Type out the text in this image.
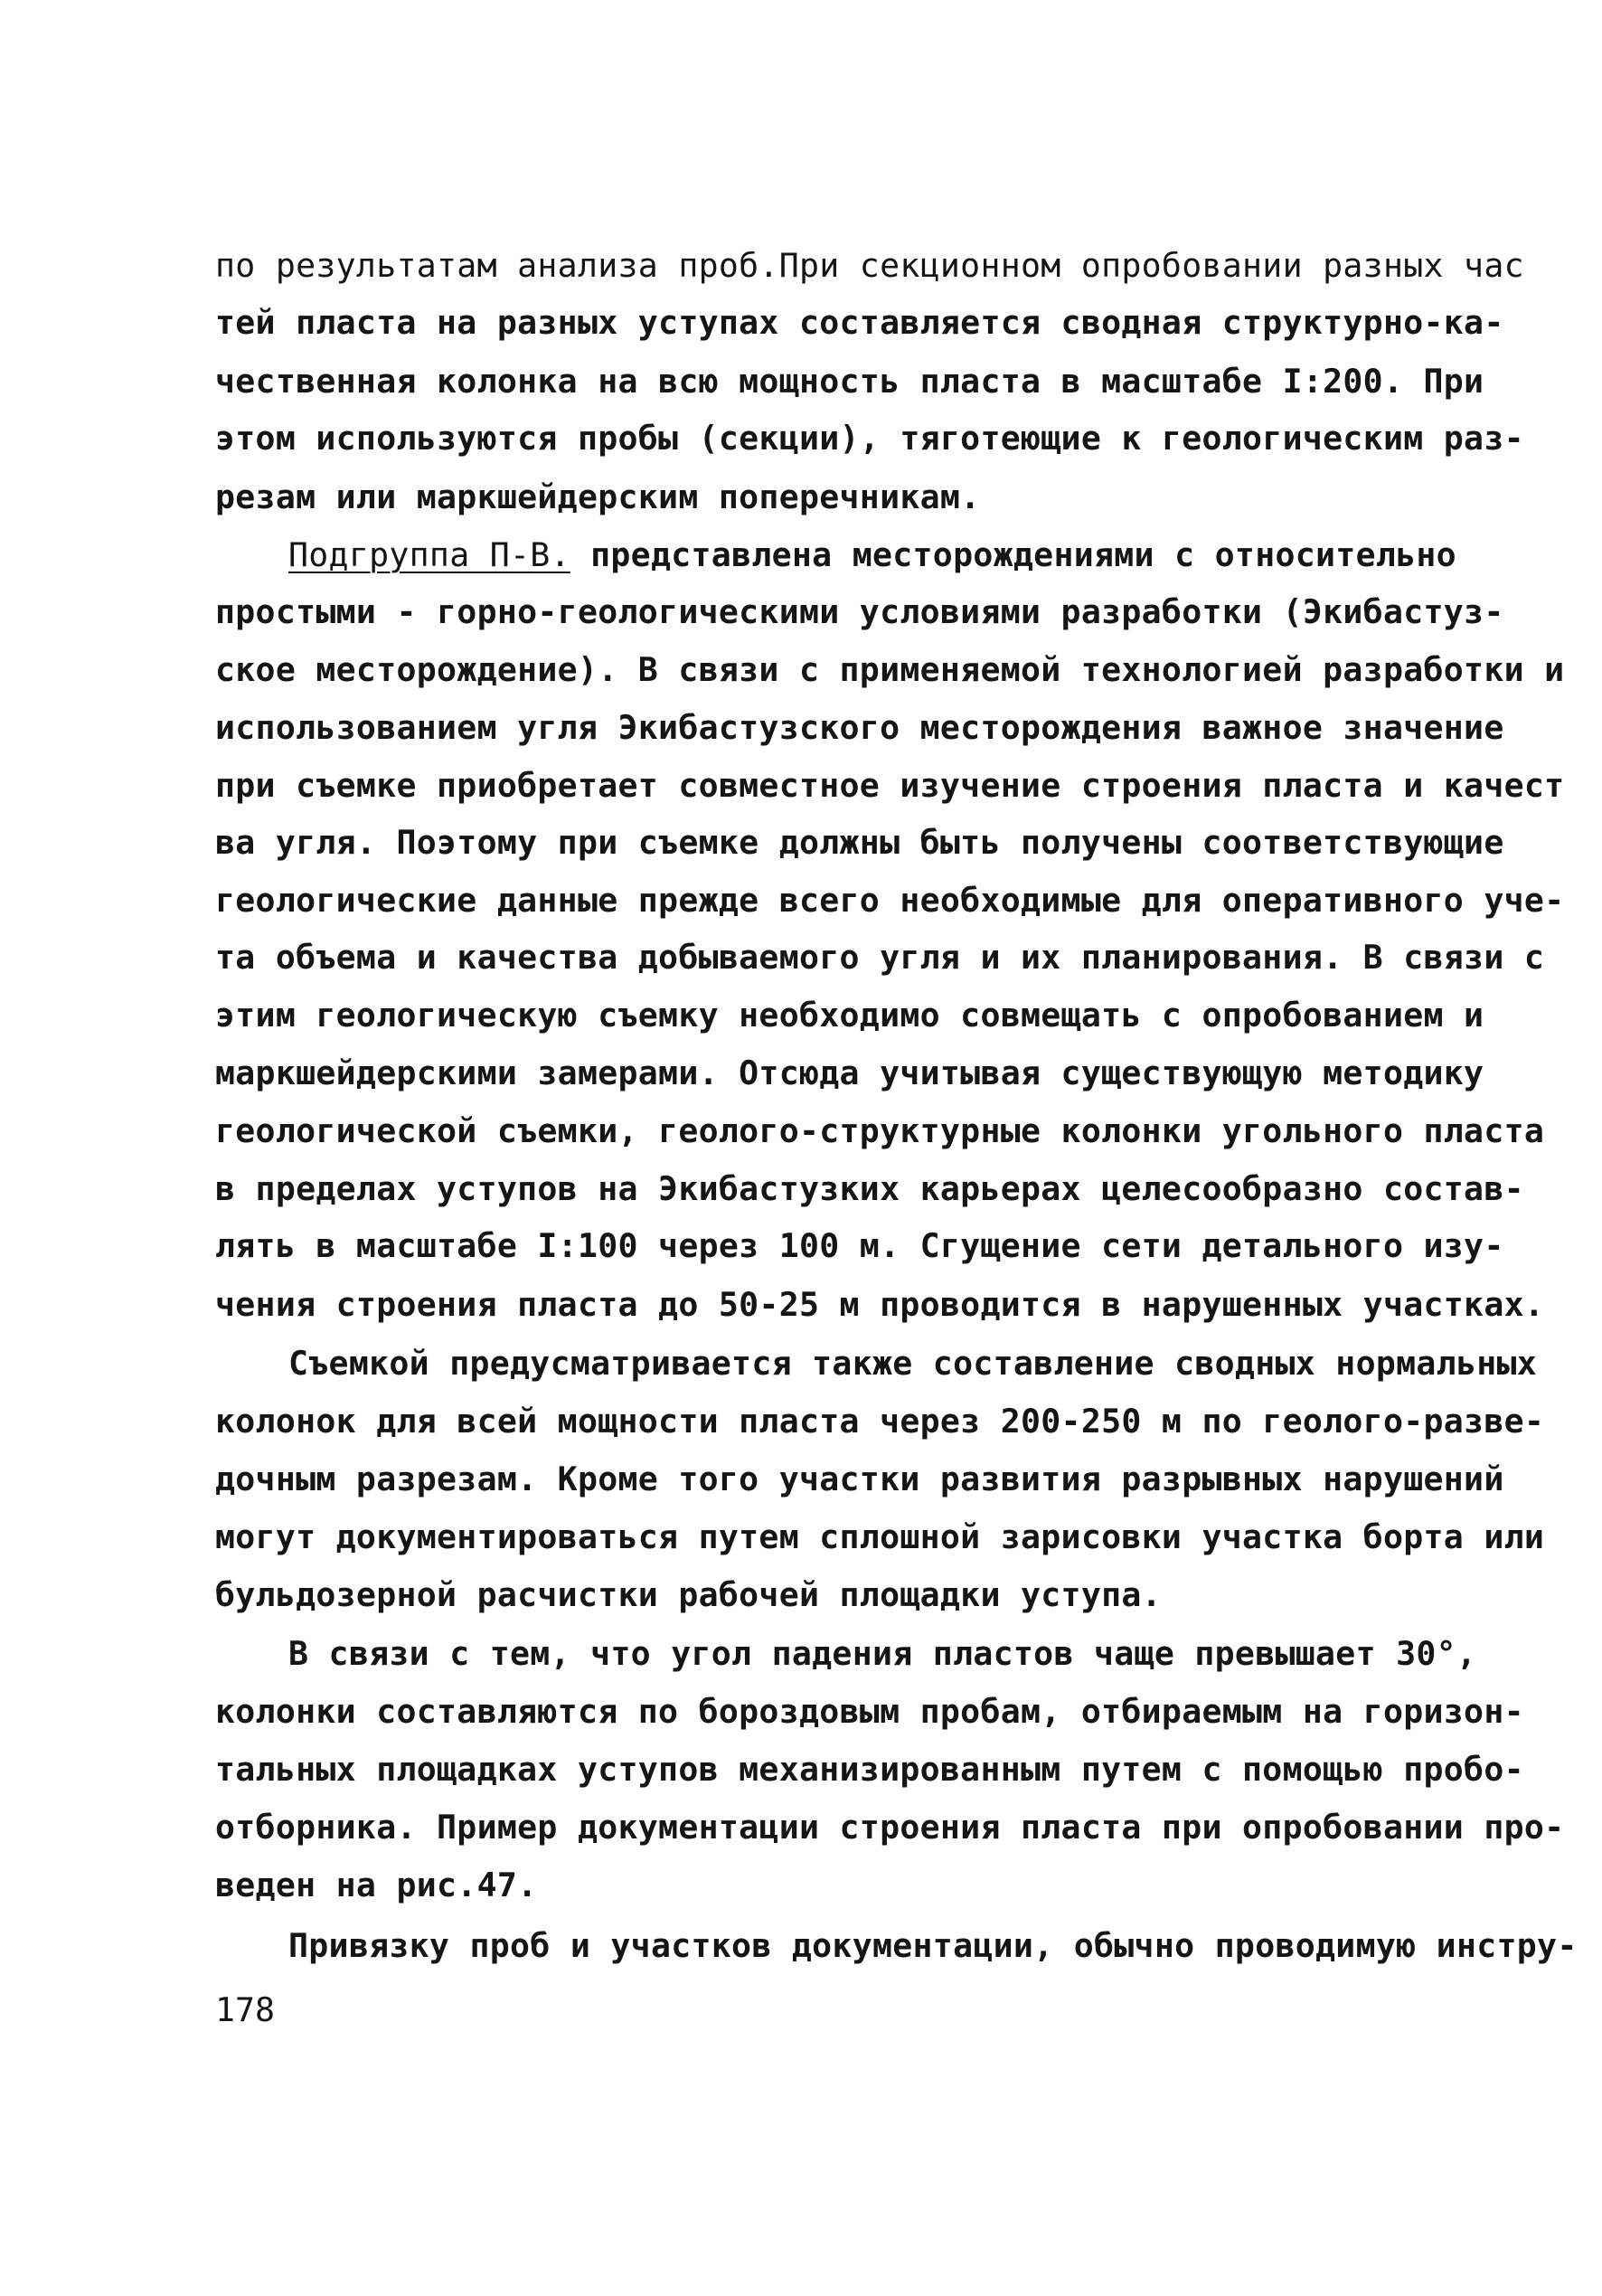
по результатам анализа проб.При секционном опробовании разных час
тей пласта на разных уступах составляется сводная структурно-ка-
чественная колонка на всю мощность пласта в масштабе I:200. При
этом используются пробы (секции), тяготеющие к геологическим раз-
резам или маркшейдерским поперечникам.
Подгруппа П-В. представлена месторождениями с относительно
простыми - горно-геологическими условиями разработки (Экибастуз-
ское месторождение). В связи с применяемой технологией разработки и
использованием угля Экибастузского месторождения важное значение
при съемке приобретает совместное изучение строения пласта и качест
ва угля. Поэтому при съемке должны быть получены соответствующие
геологические данные прежде всего необходимые для оперативного уче-
та объема и качества добываемого угля и их планирования. В связи с
этим геологическую съемку необходимо совмещать с опробованием и
маркшейдерскими замерами. Отсюда учитывая существующую методику
геологической съемки, геолого-структурные колонки угольного пласта
в пределах уступов на Экибастузких карьерах целесообразно состав-
лять в масштабе I:100 через 100 м. Сгущение сети детального изу-
чения строения пласта до 50-25 м проводится в нарушенных участках.
Съемкой предусматривается также составление сводных нормальных
колонок для всей мощности пласта через 200-250 м по геолого-разве-
дочным разрезам. Кроме того участки развития разрывных нарушений
могут документироваться путем сплошной зарисовки участка борта или
бульдозерной расчистки рабочей площадки уступа.
В связи с тем, что угол падения пластов чаще превышает 30°,
колонки составляются по бороздовым пробам, отбираемым на горизон-
тальных площадках уступов механизированным путем с помощью пробо-
отборника. Пример документации строения пласта при опробовании про-
веден на рис.47.
Привязку проб и участков документации, обычно проводимую инстру-
178
